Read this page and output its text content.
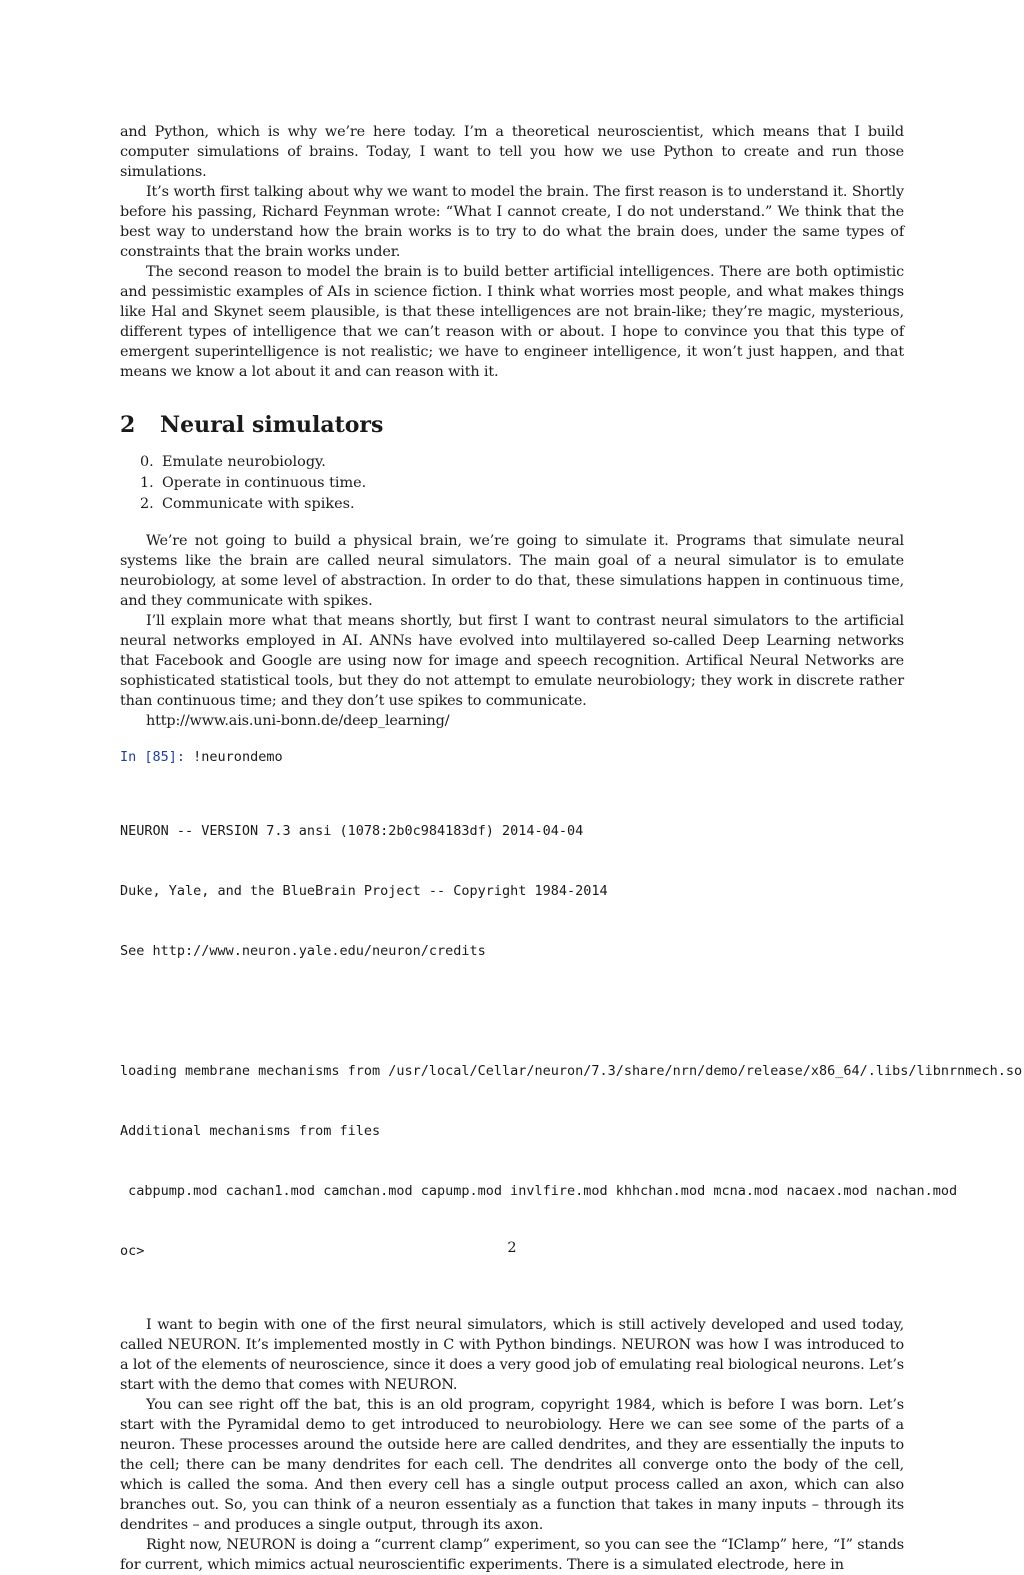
and Python, which is why we’re here today. I’m a theoretical neuroscientist, which means that I build computer simulations of brains. Today, I want to tell you how we use Python to create and run those simulations.

It’s worth first talking about why we want to model the brain. The first reason is to understand it. Shortly before his passing, Richard Feynman wrote: “What I cannot create, I do not understand.” We think that the best way to understand how the brain works is to try to do what the brain does, under the same types of constraints that the brain works under.

The second reason to model the brain is to build better artificial intelligences. There are both optimistic and pessimistic examples of AIs in science fiction. I think what worries most people, and what makes things like Hal and Skynet seem plausible, is that these intelligences are not brain-like; they’re magic, mysterious, different types of intelligence that we can’t reason with or about. I hope to convince you that this type of emergent superintelligence is not realistic; we have to engineer intelligence, it won’t just happen, and that means we know a lot about it and can reason with it.

2 Neural simulators
0. Emulate neurobiology.
1. Operate in continuous time.
2. Communicate with spikes.

We’re not going to build a physical brain, we’re going to simulate it. Programs that simulate neural systems like the brain are called neural simulators. The main goal of a neural simulator is to emulate neurobiology, at some level of abstraction. In order to do that, these simulations happen in continuous time, and they communicate with spikes.

I’ll explain more what that means shortly, but first I want to contrast neural simulators to the artificial neural networks employed in AI. ANNs have evolved into multilayered so-called Deep Learning networks that Facebook and Google are using now for image and speech recognition. Artifical Neural Networks are sophisticated statistical tools, but they do not attempt to emulate neurobiology; they work in discrete rather than continuous time; and they don’t use spikes to communicate.

http://www.ais.uni-bonn.de/deep_learning/

In [85]: !neurondemo

NEURON -- VERSION 7.3 ansi (1078:2b0c984183df) 2014-04-04

Duke, Yale, and the BlueBrain Project -- Copyright 1984-2014

See http://www.neuron.yale.edu/neuron/credits

loading membrane mechanisms from /usr/local/Cellar/neuron/7.3/share/nrn/demo/release/x86_64/.libs/libnrnmech.so

Additional mechanisms from files

cabpump.mod cachan1.mod camchan.mod capump.mod invlfire.mod khhchan.mod mcna.mod nacaex.mod nachan.mod

oc>

I want to begin with one of the first neural simulators, which is still actively developed and used today, called NEURON. It’s implemented mostly in C with Python bindings. NEURON was how I was introduced to a lot of the elements of neuroscience, since it does a very good job of emulating real biological neurons. Let’s start with the demo that comes with NEURON.

You can see right off the bat, this is an old program, copyright 1984, which is before I was born. Let’s start with the Pyramidal demo to get introduced to neurobiology. Here we can see some of the parts of a neuron. These processes around the outside here are called dendrites, and they are essentially the inputs to the cell; there can be many dendrites for each cell. The dendrites all converge onto the body of the cell, which is called the soma. And then every cell has a single output process called an axon, which can also branches out. So, you can think of a neuron essentialy as a function that takes in many inputs – through its dendrites – and produces a single output, through its axon.

Right now, NEURON is doing a “current clamp” experiment, so you can see the “IClamp” here, “I” stands for current, which mimics actual neuroscientific experiments. There is a simulated electrode, here in

2
